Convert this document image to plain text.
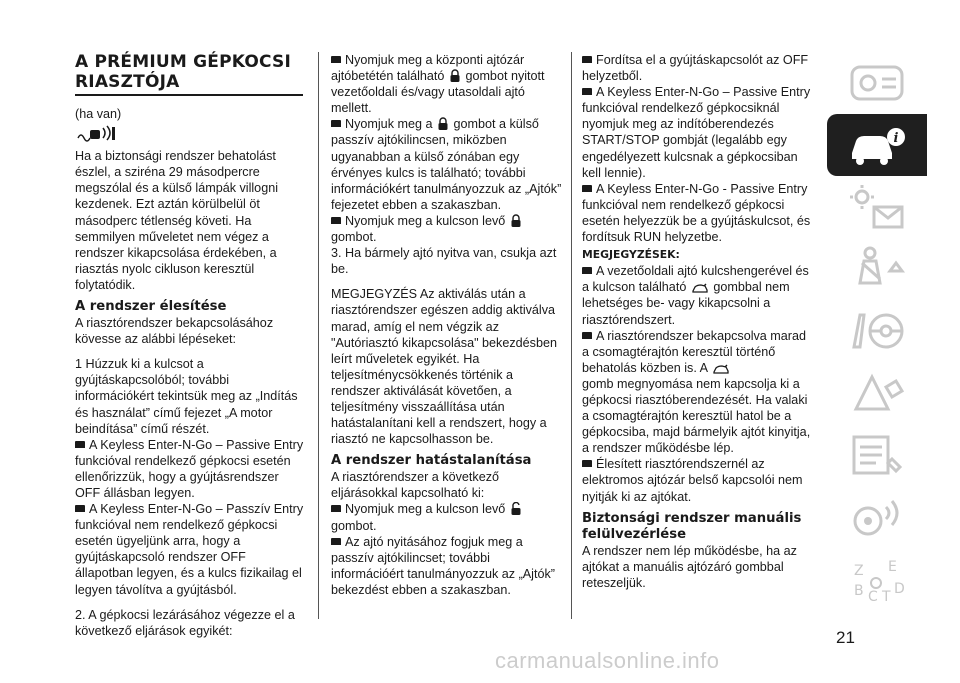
A PRÉMIUM GÉPKOCSI RIASZTÓJA

(ha van)

Ha a biztonsági rendszer behatolást észlel, a sziréna 29 másodpercre megszólal és a külső lámpák villogni kezdenek. Ezt aztán körülbelül öt másodperc tétlenség követi. Ha semmilyen műveletet nem végez a rendszer kikapcsolása érdekében, a riasztás nyolc cikluson keresztül folytatódik.

A rendszer élesítése

A riasztórendszer bekapcsolásához kövesse az alábbi lépéseket:

1 Húzzuk ki a kulcsot a gyújtáskapcsolóból; további információkért tekintsük meg az „Indítás és használat” című fejezet „A motor beindítása” című részét.

A Keyless Enter-N-Go – Passive Entry funkcióval rendelkező gépkocsi esetén ellenőrizzük, hogy a gyújtásrendszer OFF állásban legyen.

A Keyless Enter-N-Go – Passzív Entry funkcióval nem rendelkező gépkocsi esetén ügyeljünk arra, hogy a gyújtáskapcsoló rendszer OFF állapotban legyen, és a kulcs fizikailag el legyen távolítva a gyújtásból.

2. A gépkocsi lezárásához végezze el a következő eljárások egyikét:

Nyomjuk meg a központi ajtózár ajtóbetétén található gombot nyitott vezetőoldali és/vagy utasoldali ajtó mellett.

Nyomjuk meg a gombot a külső passzív ajtókilincsen, miközben ugyanabban a külső zónában egy érvényes kulcs is található; további információkért tanulmányozzuk az „Ajtók” fejezetet ebben a szakaszban.

Nyomjuk meg a kulcson levő
gombot.

3. Ha bármely ajtó nyitva van, csukja azt be.

MEGJEGYZÉS Az aktiválás után a riasztórendszer egészen addig aktiválva marad, amíg el nem végzik az "Autóriasztó kikapcsolása" bekezdésben leírt műveletek egyikét. Ha teljesítménycsökkenés történik a rendszer aktiválását követően, a teljesítmény visszaállítása után hatástalanítani kell a rendszert, hogy a riasztó ne kapcsolhasson be.

A rendszer hatástalanítása

A riasztórendszer a következő eljárásokkal kapcsolható ki:

Nyomjuk meg a kulcson levő
gombot.

Az ajtó nyitásához fogjuk meg a passzív ajtókilincset; további információért tanulmányozzuk az „Ajtók” bekezdést ebben a szakaszban.

Fordítsa el a gyújtáskapcsolót az OFF helyzetből.

A Keyless Enter-N-Go – Passive Entry funkcióval rendelkező gépkocsiknál nyomjuk meg az indítóberendezés START/STOP gombját (legalább egy engedélyezett kulcsnak a gépkocsiban kell lennie).

A Keyless Enter-N-Go - Passive Entry funkcióval nem rendelkező gépkocsi esetén helyezzük be a gyújtáskulcsot, és fordítsuk RUN helyzetbe.

MEGJEGYZÉSEK:

A vezetőoldali ajtó kulcshengerével és a kulcson található gombbal nem lehetséges be- vagy kikapcsolni a riasztórendszert.

A riasztórendszer bekapcsolva marad a csomagtérajtón keresztül történő behatolás közben is. A
gomb megnyomása nem kapcsolja ki a gépkocsi riasztóberendezését. Ha valaki a csomagtérajtón keresztül hatol be a gépkocsiba, majd bármelyik ajtót kinyitja, a rendszer működésbe lép.

Élesített riasztórendszernél az elektromos ajtózár belső kapcsolói nem nyitják ki az ajtókat.

Biztonsági rendszer manuális felülvezérlése

A rendszer nem lép működésbe, ha az ajtókat a manuális ajtózáró gombbal reteszeljük.

i
Z E
B C T D
21
carmanualsonline.info
